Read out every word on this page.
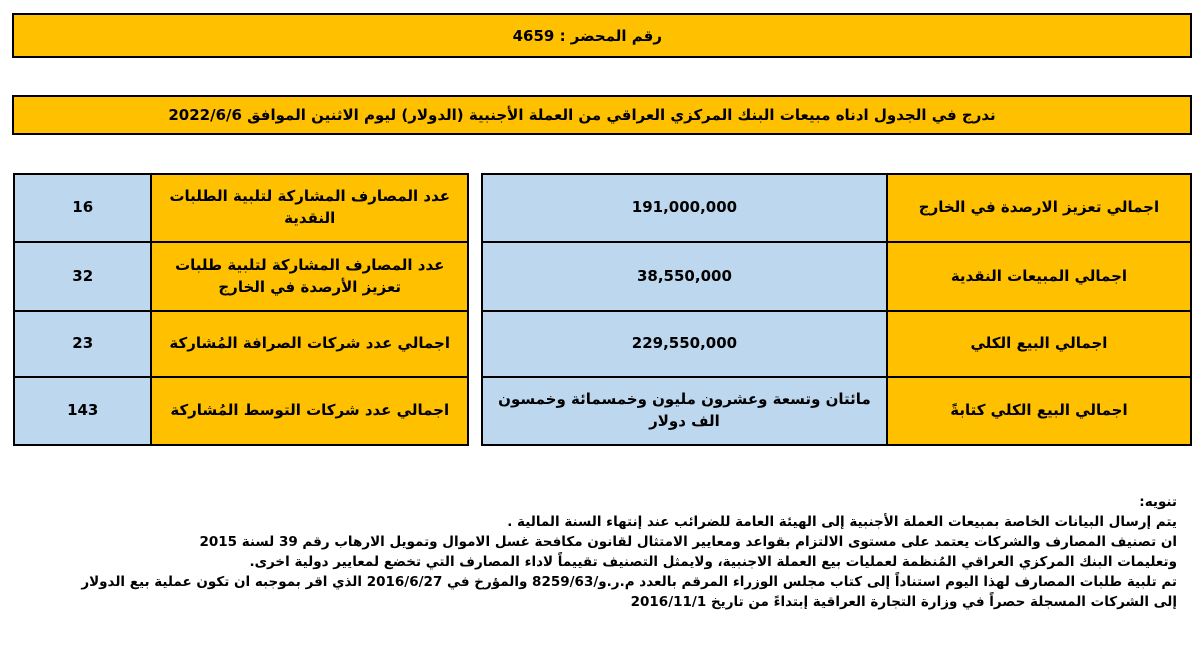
رقم المحضر : 4659
ندرج في الجدول ادناه مبيعات البنك المركزي العراقي من العملة الأجنبية (الدولار) ليوم الاثنين الموافق 2022/6/6
اجمالي تعزيز الارصدة في الخارج	191,000,000
اجمالي المبيعات النقدية	38,550,000
اجمالي البيع الكلي	229,550,000
اجمالي البيع الكلي كتابةً	مائتان وتسعة وعشرون مليون وخمسمائة وخمسون الف دولار
عدد المصارف المشاركة لتلبية الطلبات النقدية	16
عدد المصارف المشاركة لتلبية طلبات تعزيز الأرصدة في الخارج	32
اجمالي عدد شركات الصرافة المُشاركة	23
اجمالي عدد شركات التوسط المُشاركة	143

تنويه:

يتم إرسال البيانات الخاصة بمبيعات العملة الأجنبية إلى الهيئة العامة للضرائب عند إنتهاء السنة المالية .

ان تصنيف المصارف والشركات يعتمد على مستوى الالتزام بقواعد ومعايير الامتثال لقانون مكافحة غسل الاموال وتمويل الارهاب رقم 39 لسنة 2015

وتعليمات البنك المركزي العراقي المُنظمة لعمليات بيع العملة الاجنبية، ولايمثل التصنيف تقييماً لاداء المصارف التي تخضع لمعايير دولية اخرى.

تم تلبية طلبات المصارف لهذا اليوم استناداً إلى كتاب مجلس الوزراء المرقم بالعدد م.ر.و/8259/63 والمؤرخ في 2016/6/27 الذي اقر بموجبه ان تكون عملية بيع الدولار

إلى الشركات المسجلة حصراً في وزارة التجارة العراقية إبتداءً من تاريخ 2016/11/1
